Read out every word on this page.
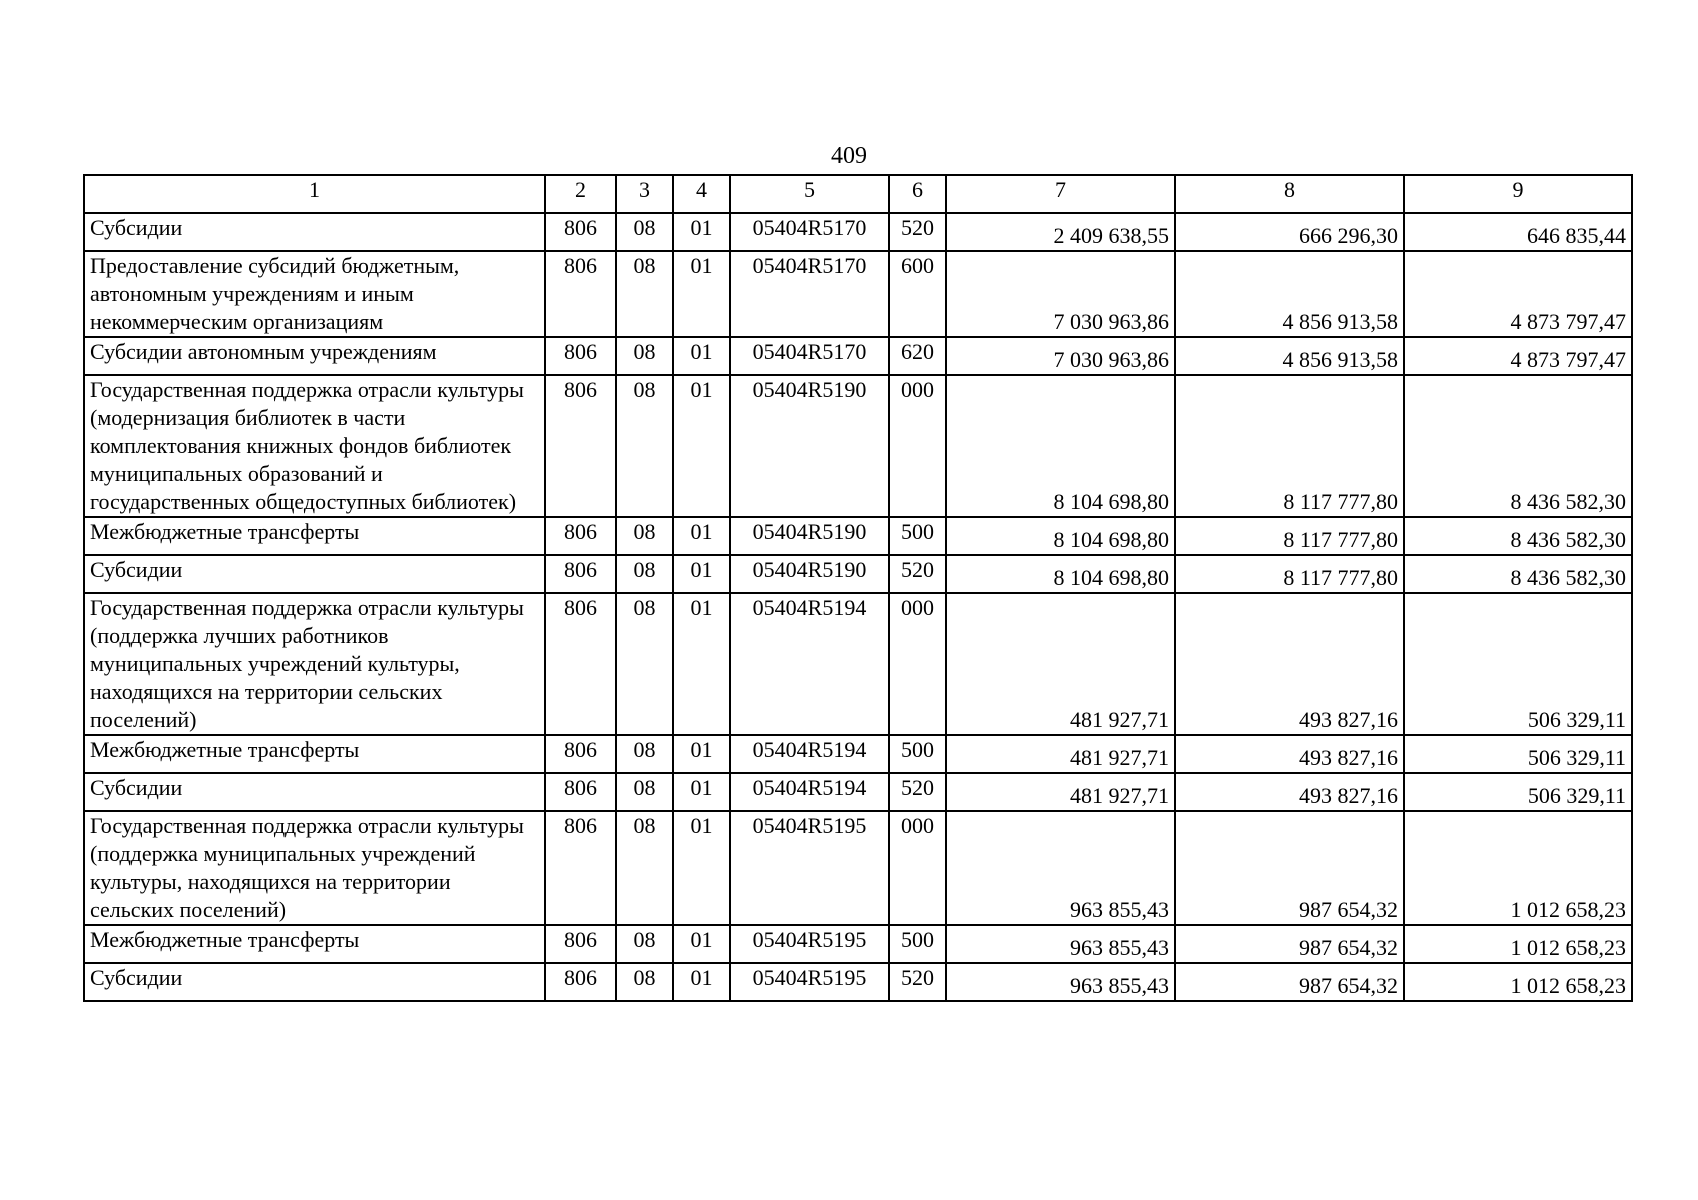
409
1	2	3	4	5	6	7	8	9
Субсидии	806	08	01	05404R5170	520	2 409 638,55	666 296,30	646 835,44
Предоставление субсидий бюджетным, автономным учреждениям и иным некоммерческим организациям	806	08	01	05404R5170	600	7 030 963,86	4 856 913,58	4 873 797,47
Субсидии автономным учреждениям	806	08	01	05404R5170	620	7 030 963,86	4 856 913,58	4 873 797,47
Государственная поддержка отрасли культуры (модернизация библиотек в части комплектования книжных фондов библиотек муниципальных образований и государственных общедоступных библиотек)	806	08	01	05404R5190	000	8 104 698,80	8 117 777,80	8 436 582,30
Межбюджетные трансферты	806	08	01	05404R5190	500	8 104 698,80	8 117 777,80	8 436 582,30
Субсидии	806	08	01	05404R5190	520	8 104 698,80	8 117 777,80	8 436 582,30
Государственная поддержка отрасли культуры (поддержка лучших работников муниципальных учреждений культуры, находящихся на территории сельских поселений)	806	08	01	05404R5194	000	481 927,71	493 827,16	506 329,11
Межбюджетные трансферты	806	08	01	05404R5194	500	481 927,71	493 827,16	506 329,11
Субсидии	806	08	01	05404R5194	520	481 927,71	493 827,16	506 329,11
Государственная поддержка отрасли культуры (поддержка муниципальных учреждений культуры, находящихся на территории сельских поселений)	806	08	01	05404R5195	000	963 855,43	987 654,32	1 012 658,23
Межбюджетные трансферты	806	08	01	05404R5195	500	963 855,43	987 654,32	1 012 658,23
Субсидии	806	08	01	05404R5195	520	963 855,43	987 654,32	1 012 658,23
